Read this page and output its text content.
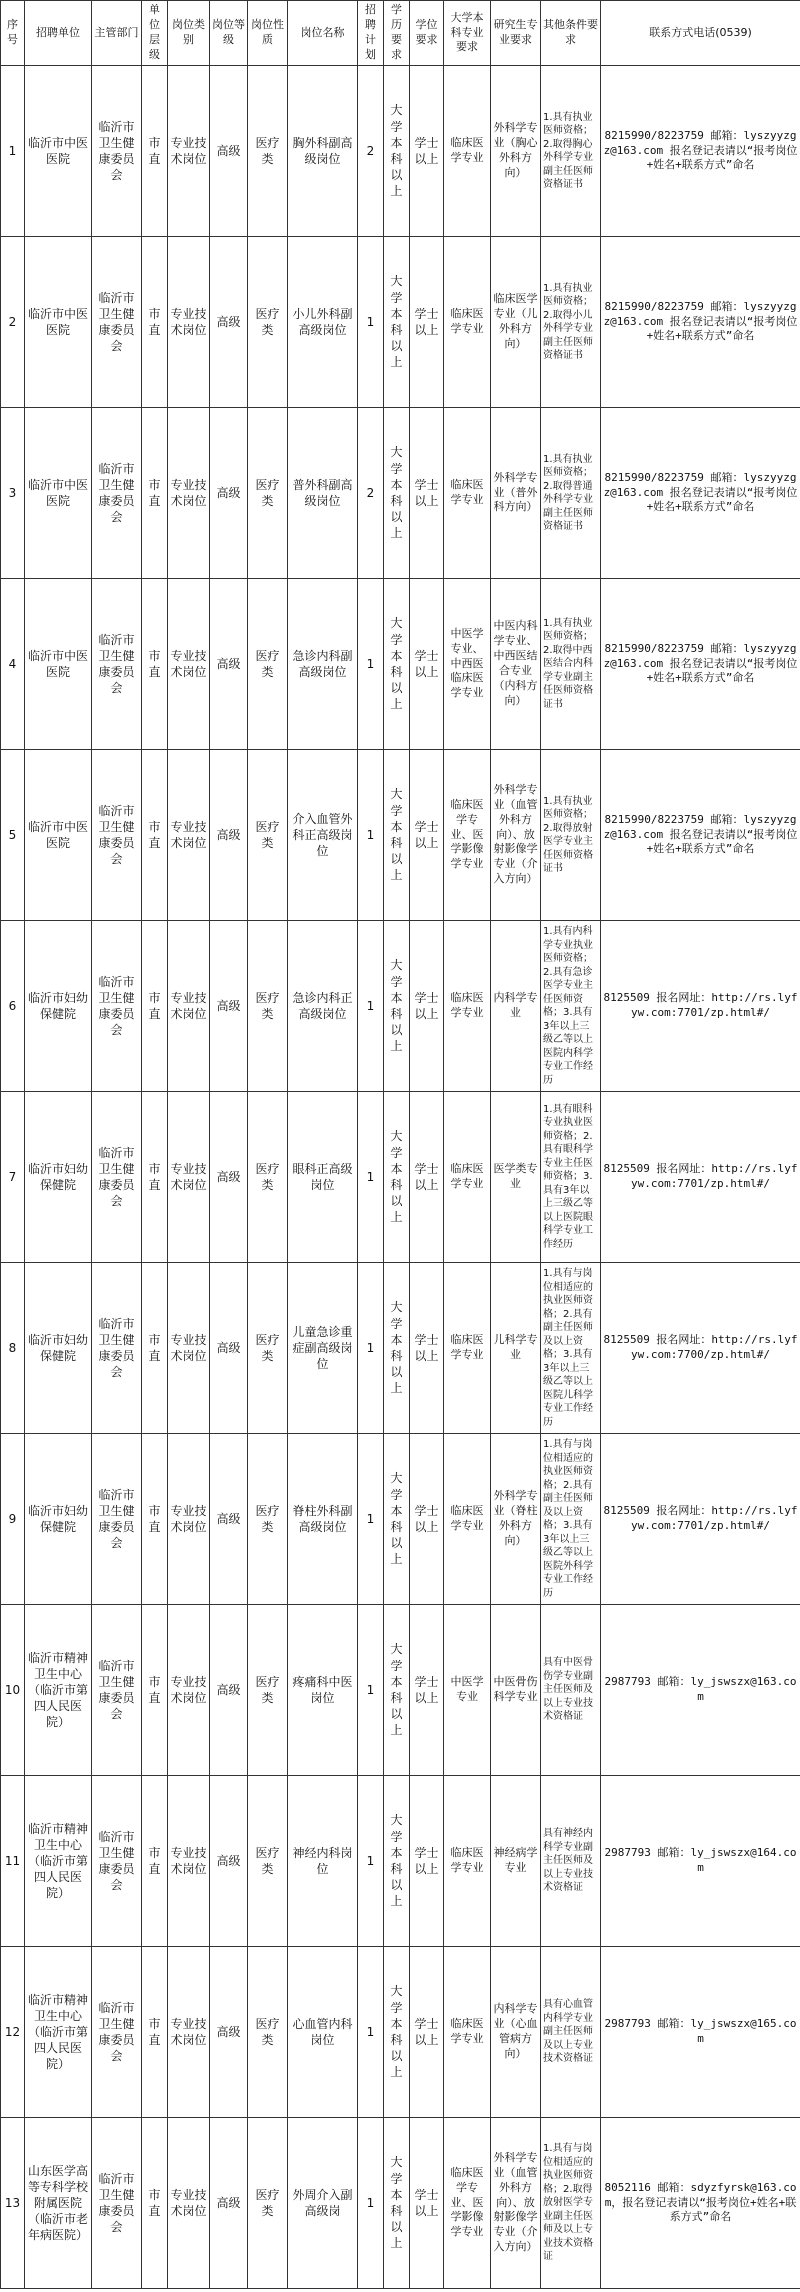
序号	招聘单位	主管部门	单位层级	岗位类别	岗位等级	岗位性质	岗位名称	招聘计划	学历要求	学位要求	大学本科专业要求	研究生专业要求	其他条件要求	联系方式电话(0539)
1	临沂市中医医院	临沂市卫生健康委员会	市直	专业技术岗位	高级	医疗类	胸外科副高级岗位	2	大学本科以上	学士以上	临床医学专业	外科学专业（胸心外科方向）	1.具有执业医师资格；2.取得胸心外科学专业副主任医师资格证书	8215990/8223759 邮箱：lyszyyzgz@163.com 报名登记表请以“报考岗位+姓名+联系方式”命名
2	临沂市中医医院	临沂市卫生健康委员会	市直	专业技术岗位	高级	医疗类	小儿外科副高级岗位	1	大学本科以上	学士以上	临床医学专业	临床医学专业（儿外科方向）	1.具有执业医师资格；2.取得小儿外科学专业副主任医师资格证书	8215990/8223759 邮箱：lyszyyzgz@163.com 报名登记表请以“报考岗位+姓名+联系方式”命名
3	临沂市中医医院	临沂市卫生健康委员会	市直	专业技术岗位	高级	医疗类	普外科副高级岗位	2	大学本科以上	学士以上	临床医学专业	外科学专业（普外科方向）	1.具有执业医师资格；2.取得普通外科学专业副主任医师资格证书	8215990/8223759 邮箱：lyszyyzgz@163.com 报名登记表请以“报考岗位+姓名+联系方式”命名
4	临沂市中医医院	临沂市卫生健康委员会	市直	专业技术岗位	高级	医疗类	急诊内科副高级岗位	1	大学本科以上	学士以上	中医学专业、中西医临床医学专业	中医内科学专业、中西医结合专业（内科方向）	1.具有执业医师资格；2.取得中西医结合内科学专业副主任医师资格证书	8215990/8223759 邮箱：lyszyyzgz@163.com 报名登记表请以“报考岗位+姓名+联系方式”命名
5	临沂市中医医院	临沂市卫生健康委员会	市直	专业技术岗位	高级	医疗类	介入血管外科正高级岗位	1	大学本科以上	学士以上	临床医学专业、医学影像学专业	外科学专业（血管外科方向）、放射影像学专业（介入方向）	1.具有执业医师资格；2.取得放射医学专业主任医师资格证书	8215990/8223759 邮箱：lyszyyzgz@163.com 报名登记表请以“报考岗位+姓名+联系方式”命名
6	临沂市妇幼保健院	临沂市卫生健康委员会	市直	专业技术岗位	高级	医疗类	急诊内科正高级岗位	1	大学本科以上	学士以上	临床医学专业	内科学专业	1.具有内科学专业执业医师资格；2.具有急诊医学专业主任医师资格；3.具有3年以上三级乙等以上医院内科学专业工作经历	8125509 报名网址：http://rs.lyfyw.com:7701/zp.html#/
7	临沂市妇幼保健院	临沂市卫生健康委员会	市直	专业技术岗位	高级	医疗类	眼科正高级岗位	1	大学本科以上	学士以上	临床医学专业	医学类专业	1.具有眼科专业执业医师资格；2.具有眼科学专业主任医师资格；3.具有3年以上三级乙等以上医院眼科学专业工作经历	8125509 报名网址：http://rs.lyfyw.com:7701/zp.html#/
8	临沂市妇幼保健院	临沂市卫生健康委员会	市直	专业技术岗位	高级	医疗类	儿童急诊重症副高级岗位	1	大学本科以上	学士以上	临床医学专业	儿科学专业	1.具有与岗位相适应的执业医师资格；2.具有副主任医师及以上资格；3.具有3年以上三级乙等以上医院儿科学专业工作经历	8125509 报名网址：http://rs.lyfyw.com:7700/zp.html#/
9	临沂市妇幼保健院	临沂市卫生健康委员会	市直	专业技术岗位	高级	医疗类	脊柱外科副高级岗位	1	大学本科以上	学士以上	临床医学专业	外科学专业（脊柱外科方向）	1.具有与岗位相适应的执业医师资格；2.具有副主任医师及以上资格；3.具有3年以上三级乙等以上医院外科学专业工作经历	8125509 报名网址：http://rs.lyfyw.com:7701/zp.html#/
10	临沂市精神卫生中心（临沂市第四人民医院）	临沂市卫生健康委员会	市直	专业技术岗位	高级	医疗类	疼痛科中医岗位	1	大学本科以上	学士以上	中医学专业	中医骨伤科学专业	具有中医骨伤学专业副主任医师及以上专业技术资格证	2987793 邮箱：ly_jswszx@163.com
11	临沂市精神卫生中心（临沂市第四人民医院）	临沂市卫生健康委员会	市直	专业技术岗位	高级	医疗类	神经内科岗位	1	大学本科以上	学士以上	临床医学专业	神经病学专业	具有神经内科学专业副主任医师及以上专业技术资格证	2987793 邮箱：ly_jswszx@164.com
12	临沂市精神卫生中心（临沂市第四人民医院）	临沂市卫生健康委员会	市直	专业技术岗位	高级	医疗类	心血管内科岗位	1	大学本科以上	学士以上	临床医学专业	内科学专业（心血管病方向）	具有心血管内科学专业副主任医师及以上专业技术资格证	2987793 邮箱：ly_jswszx@165.com
13	山东医学高等专科学校附属医院（临沂市老年病医院）	临沂市卫生健康委员会	市直	专业技术岗位	高级	医疗类	外周介入副高级岗	1	大学本科以上	学士以上	临床医学专业、医学影像学专业	外科学专业（血管外科方向）、放射影像学专业（介入方向）	1.具有与岗位相适应的执业医师资格；2.取得放射医学专业副主任医师及以上专业技术资格证	8052116 邮箱：sdyzfyrsk@163.com，报名登记表请以“报考岗位+姓名+联系方式”命名
